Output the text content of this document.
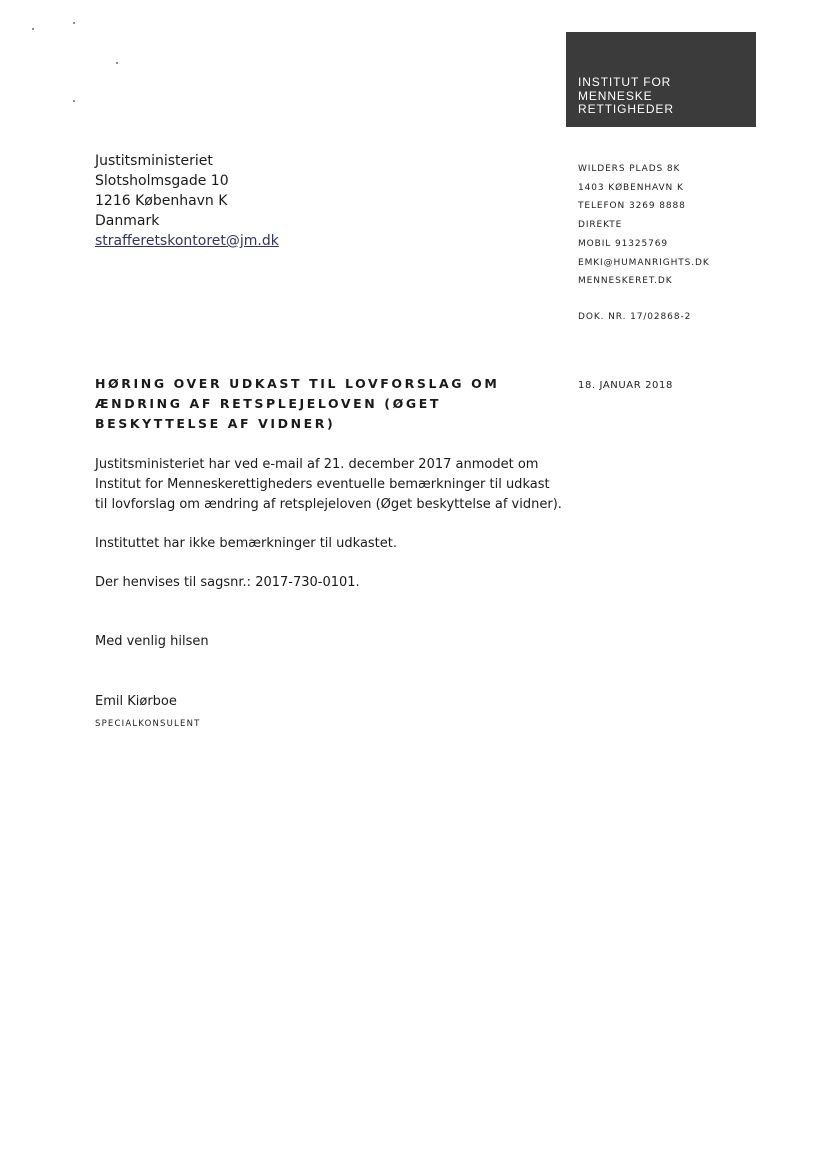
INSTITUT FOR
MENNESKE
RETTIGHEDER
Justitsministeriet
Slotsholmsgade 10
1216 København K
Danmark
strafferetskontoret@jm.dk
WILDERS PLADS 8K
1403 KØBENHAVN K
TELEFON 3269 8888
DIREKTE
MOBIL 91325769
EMKI@HUMANRIGHTS.DK
MENNESKERET.DK
DOK. NR. 17/02868-2
18. JANUAR 2018
HØRING OVER UDKAST TIL LOVFORSLAG OM ÆNDRING AF RETSPLEJELOVEN (ØGET BESKYTTELSE AF VIDNER)
Justitsministeriet har ved e-mail af 21. december 2017 anmodet om
Institut for Menneskerettigheders eventuelle bemærkninger til udkast
til lovforslag om ændring af retsplejeloven (Øget beskyttelse af vidner).
Instituttet har ikke bemærkninger til udkastet.
Der henvises til sagsnr.: 2017-730-0101.
Med venlig hilsen
Emil Kiørboe
SPECIALKONSULENT
